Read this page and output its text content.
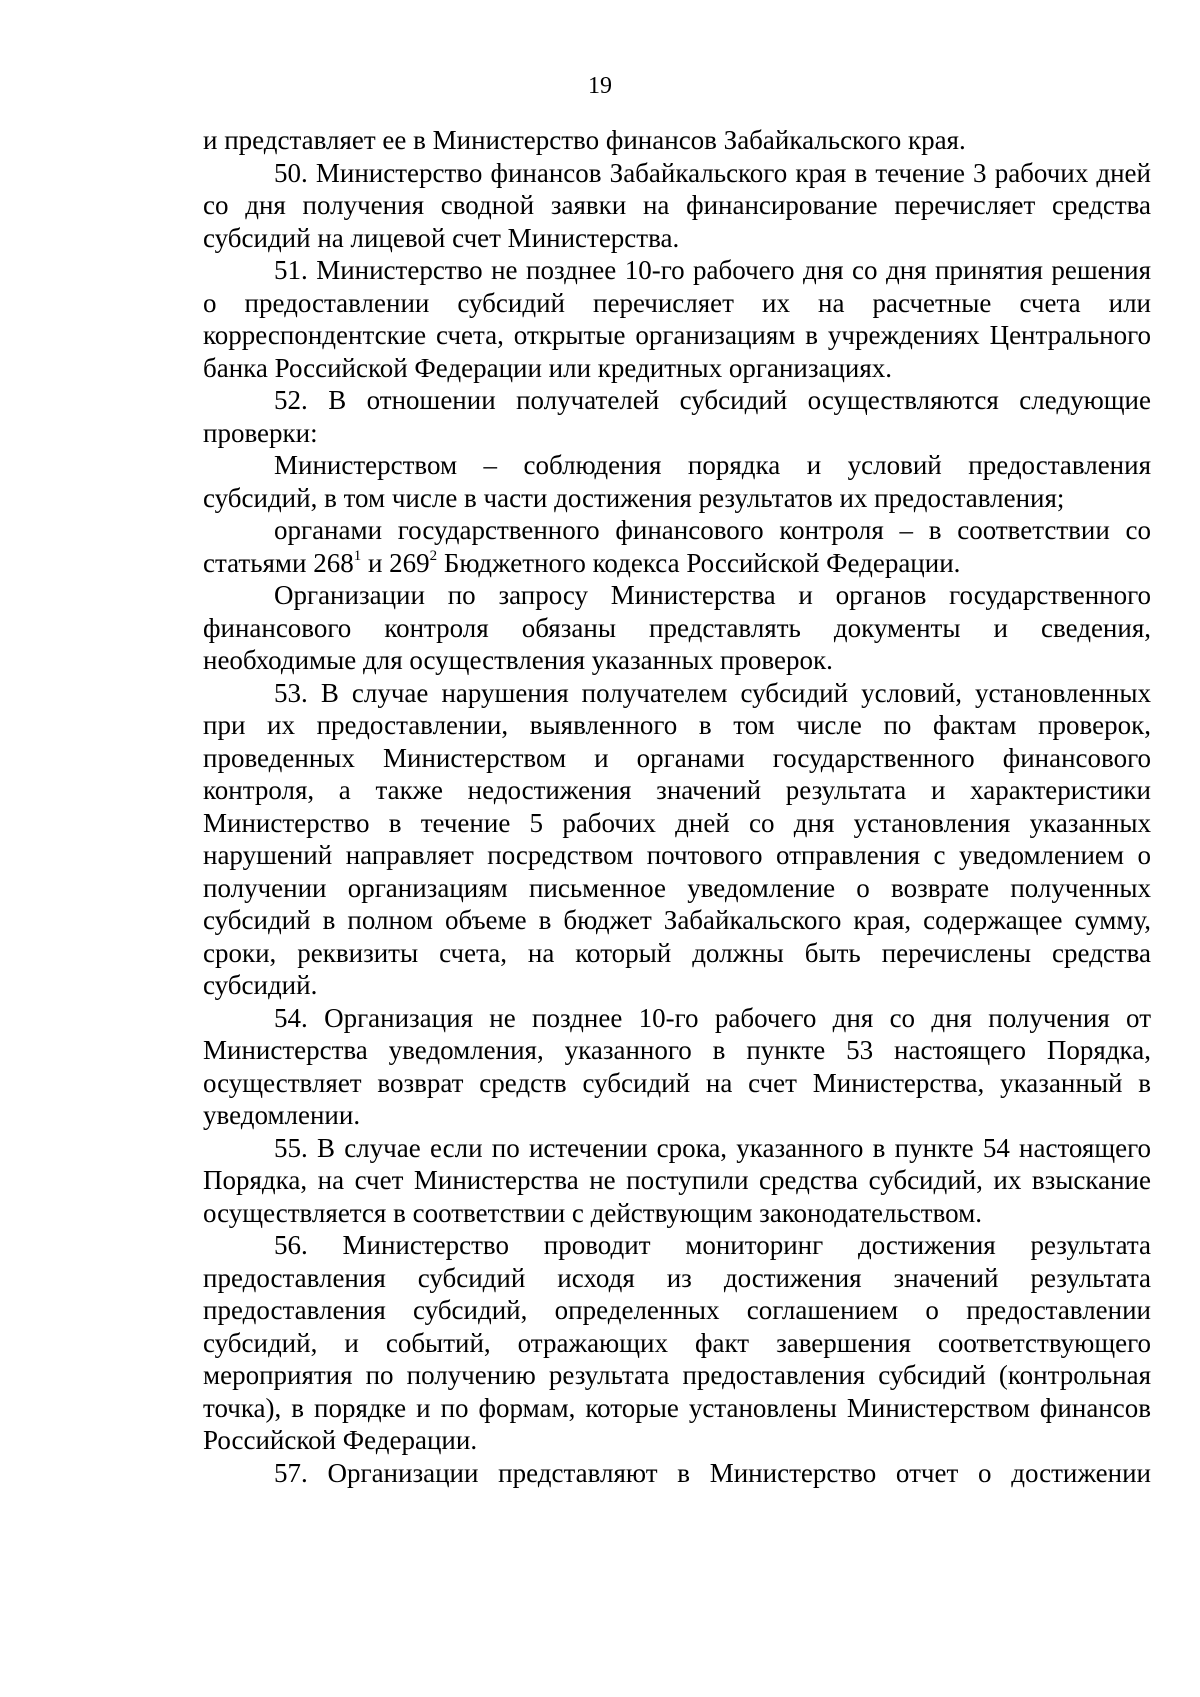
19

и представляет ее в Министерство финансов Забайкальского края.

50. Министерство финансов Забайкальского края в течение 3 рабочих дней со дня получения сводной заявки на финансирование перечисляет средства субсидий на лицевой счет Министерства.

51. Министерство не позднее 10-го рабочего дня со дня принятия решения о предоставлении субсидий перечисляет их на расчетные счета или корреспондентские счета, открытые организациям в учреждениях Центрального банка Российской Федерации или кредитных организациях.

52. В отношении получателей субсидий осуществляются следующие проверки:

Министерством – соблюдения порядка и условий предоставления субсидий, в том числе в части достижения результатов их предоставления;

органами государственного финансового контроля – в соответствии со статьями $268^1$ и $269^2$ Бюджетного кодекса Российской Федерации.

Организации по запросу Министерства и органов государственного финансового контроля обязаны представлять документы и сведения, необходимые для осуществления указанных проверок.

53. В случае нарушения получателем субсидий условий, установленных при их предоставлении, выявленного в том числе по фактам проверок, проведенных Министерством и органами государственного финансового контроля, а также недостижения значений результата и характеристики Министерство в течение 5 рабочих дней со дня установления указанных нарушений направляет посредством почтового отправления с уведомлением о получении организациям письменное уведомление о возврате полученных субсидий в полном объеме в бюджет Забайкальского края, содержащее сумму, сроки, реквизиты счета, на который должны быть перечислены средства субсидий.

54. Организация не позднее 10-го рабочего дня со дня получения от Министерства уведомления, указанного в пункте 53 настоящего Порядка, осуществляет возврат средств субсидий на счет Министерства, указанный в уведомлении.

55. В случае если по истечении срока, указанного в пункте 54 настоящего Порядка, на счет Министерства не поступили средства субсидий, их взыскание осуществляется в соответствии с действующим законодательством.

56. Министерство проводит мониторинг достижения результата предоставления субсидий исходя из достижения значений результата предоставления субсидий, определенных соглашением о предоставлении субсидий, и событий, отражающих факт завершения соответствующего мероприятия по получению результата предоставления субсидий (контрольная точка), в порядке и по формам, которые установлены Министерством финансов Российской Федерации.

57. Организации представляют в Министерство отчет о достижении
